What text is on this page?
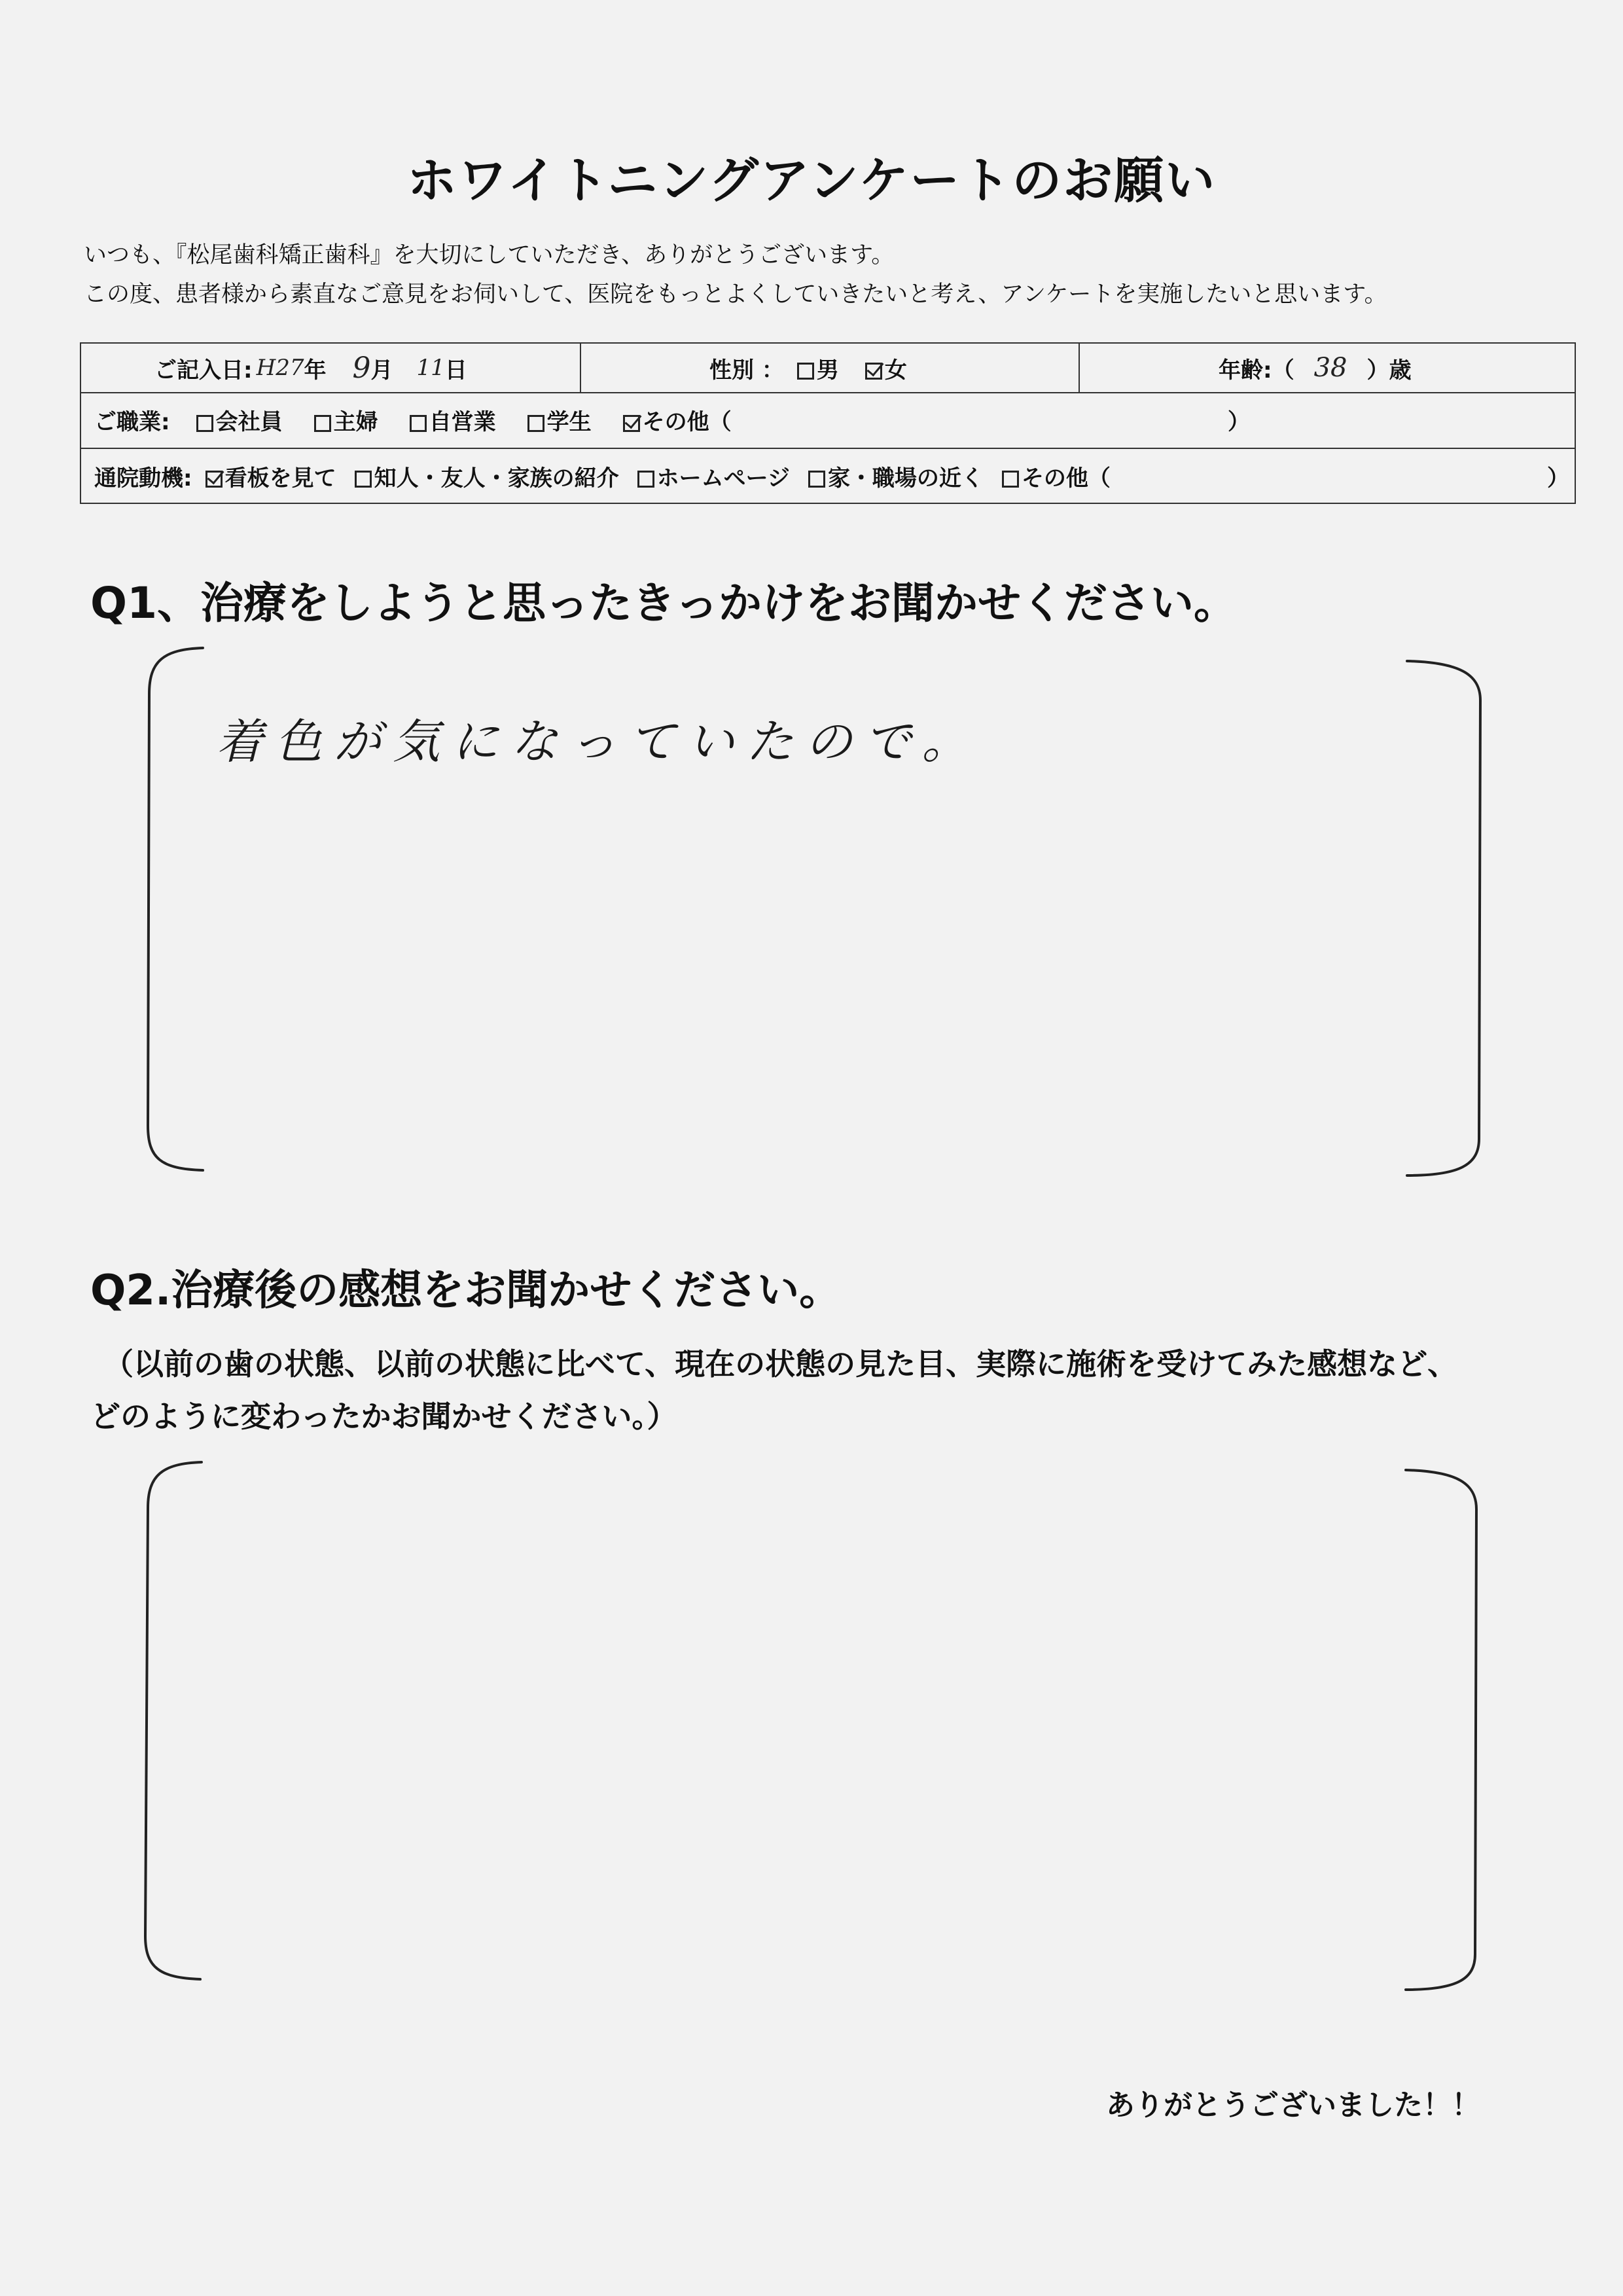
ホワイトニングアンケートのお願い
いつも、『松尾歯科矯正歯科』を大切にしていただき、ありがとうございます。
この度、患者様から素直なご意見をお伺いして、医院をもっとよくしていきたいと考え、アンケートを実施したいと思います。
ご記入日: H27 年 9 月 11 日	性別 ：	男	女	年齢:（ 38 ）歳
ご職業:	会社員	主婦	自営業	学生	その他（	）
通院動機:	看板を見て	知人・友人・家族の紹介	ホームページ	家・職場の近く	その他（	）
Q1、治療をしようと思ったきっかけをお聞かせください。
着色が気になっていたので。
Q2.治療後の感想をお聞かせください。
（以前の歯の状態、以前の状態に比べて、現在の状態の見た目、実際に施術を受けてみた感想など、
どのように変わったかお聞かせください。）
ありがとうございました！！
